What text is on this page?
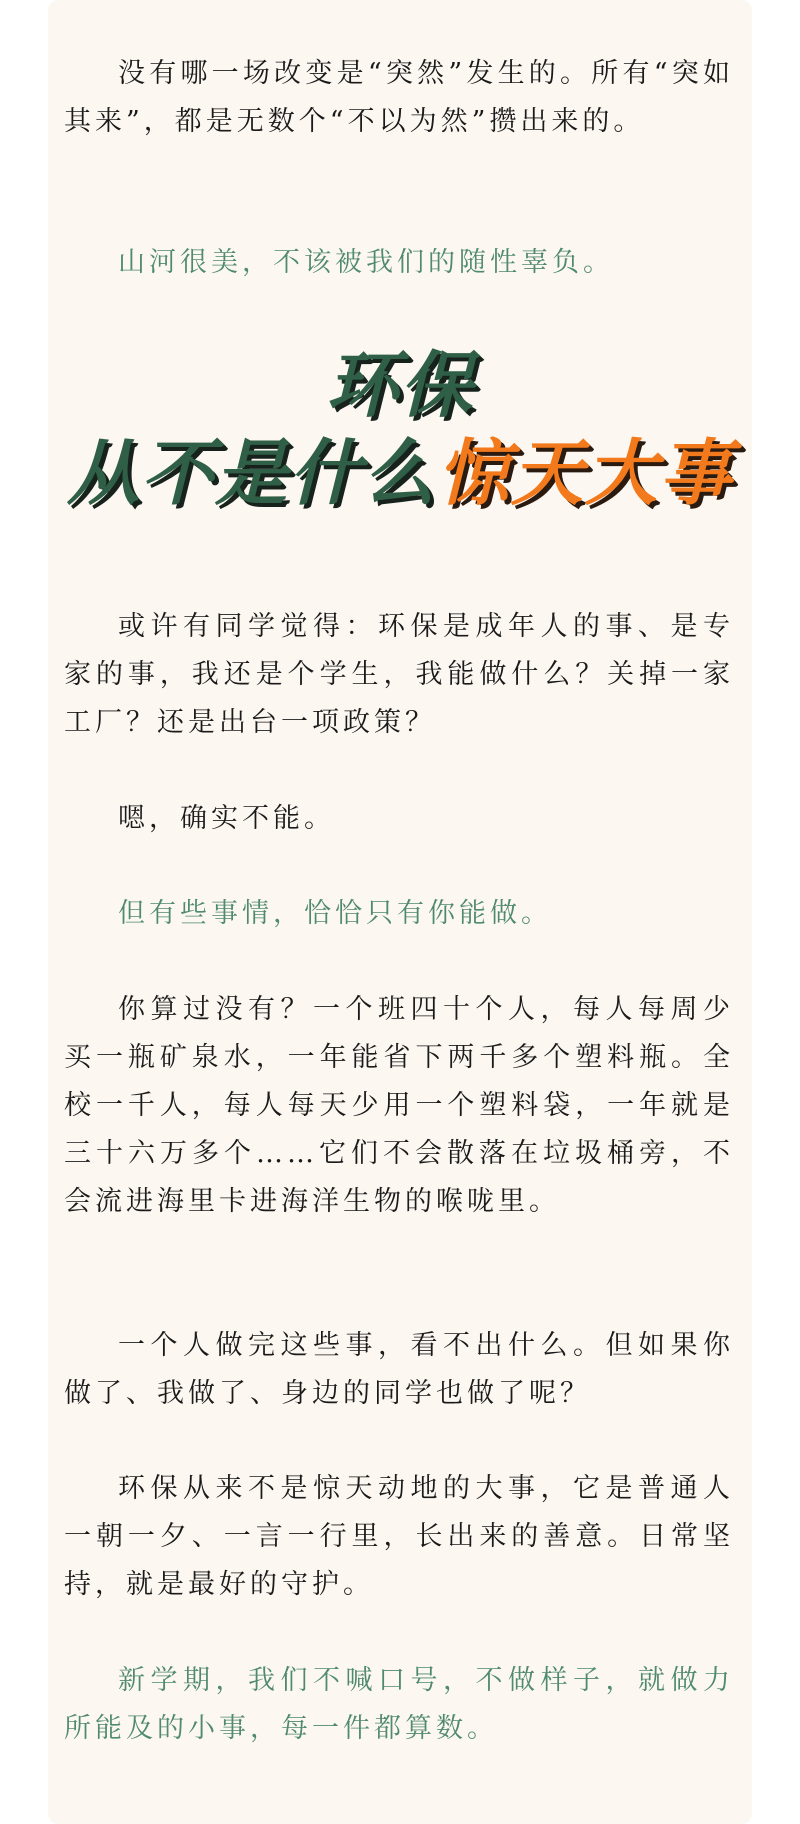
没有哪一场改变是“突然”发生的。所有“突如其来”，都是无数个“不以为然”攒出来的。

山河很美，不该被我们的随性辜负。

环保
从不是什么惊天大事

或许有同学觉得：环保是成年人的事、是专家的事，我还是个学生，我能做什么？关掉一家工厂？还是出台一项政策？

嗯，确实不能。

但有些事情，恰恰只有你能做。

你算过没有？一个班四十个人，每人每周少买一瓶矿泉水，一年能省下两千多个塑料瓶。全校一千人，每人每天少用一个塑料袋，一年就是三十六万多个……它们不会散落在垃圾桶旁，不会流进海里卡进海洋生物的喉咙里。

一个人做完这些事，看不出什么。但如果你做了、我做了、身边的同学也做了呢？

环保从来不是惊天动地的大事，它是普通人一朝一夕、一言一行里，长出来的善意。日常坚持，就是最好的守护。

新学期，我们不喊口号，不做样子，就做力所能及的小事，每一件都算数。
